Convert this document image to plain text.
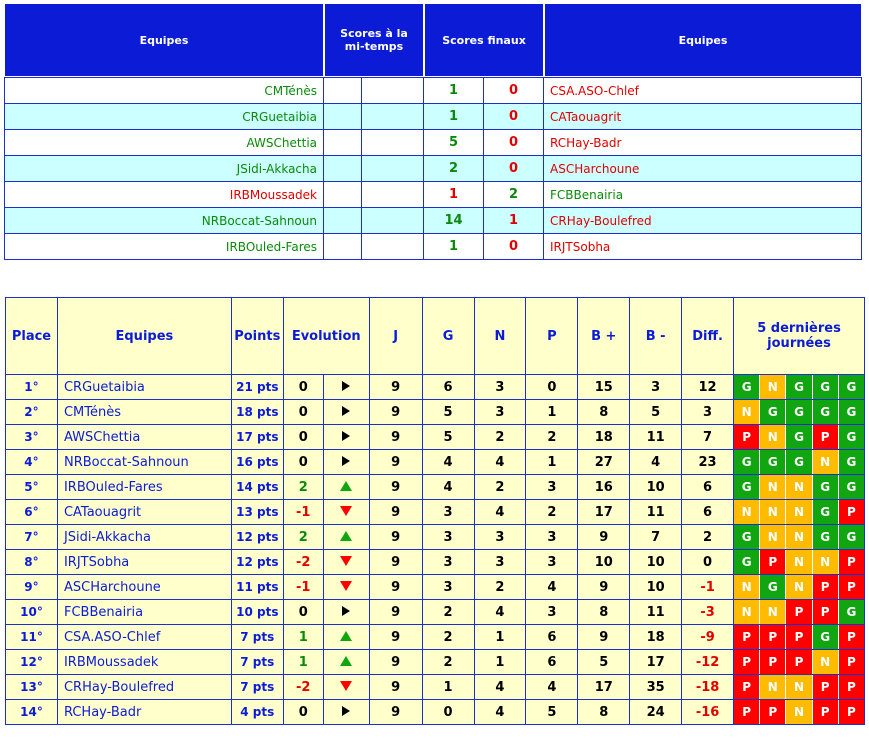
Equipes	Scores à la mi-temps		Scores finaux		Equipes
CMTénès			1	0	CSA.ASO-Chlef
CRGuetaibia			1	0	CATaouagrit
AWSChettia			5	0	RCHay-Badr
JSidi-Akkacha			2	0	ASCHarchoune
IRBMoussadek			1	2	FCBBenairia
NRBoccat-Sahnoun			14	1	CRHay-Boulefred
IRBOuled-Fares			1	0	IRJTSobha
Place	Equipes	Points	Evolution		J	G	N	P	B +	B -	Diff.	5 dernières journées
1°	CRGuetaibia	21 pts	0		9	6	3	0	15	3	12	G N G G G

2°	CMTénès	18 pts	0		9	5	3	1	8	5	3	N G G G G

3°	AWSChettia	17 pts	0		9	5	2	2	18	11	7	P N G P G

4°	NRBoccat-Sahnoun	16 pts	0		9	4	4	1	27	4	23	G G G N G

5°	IRBOuled-Fares	14 pts	2		9	4	2	3	16	10	6	G N N G G

6°	CATaouagrit	13 pts	-1		9	3	4	2	17	11	6	N N N G P

7°	JSidi-Akkacha	12 pts	2		9	3	3	3	9	7	2	G N N G G

8°	IRJTSobha	12 pts	-2		9	3	3	3	10	10	0	G P N N P

9°	ASCHarchoune	11 pts	-1		9	3	2	4	9	10	-1	N G N P P

10°	FCBBenairia	10 pts	0		9	2	4	3	8	11	-3	N N P P G

11°	CSA.ASO-Chlef	7 pts	1		9	2	1	6	9	18	-9	P P P G P

12°	IRBMoussadek	7 pts	1		9	2	1	6	5	17	-12	P P P N P

13°	CRHay-Boulefred	7 pts	-2		9	1	4	4	17	35	-18	P N N P P

14°	RCHay-Badr	4 pts	0		9	0	4	5	8	24	-16	P P N P P
